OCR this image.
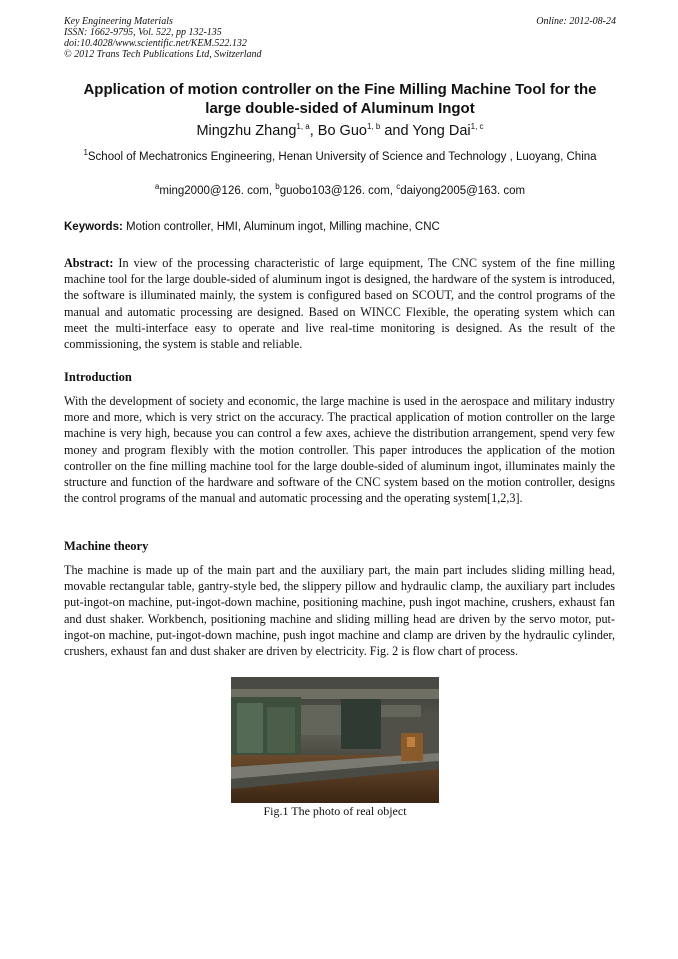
Key Engineering Materials
ISSN: 1662-9795, Vol. 522, pp 132-135
doi:10.4028/www.scientific.net/KEM.522.132
© 2012 Trans Tech Publications Ltd, Switzerland
Online: 2012-08-24
Application of motion controller on the Fine Milling Machine Tool for the
large double-sided of Aluminum Ingot
Mingzhu Zhang$^{1, a}$, Bo Guo$^{1, b}$ and Yong Dai$^{1, c}$
$^1$School of Mechatronics Engineering, Henan University of Science and Technology , Luoyang, China
$^a$ming2000@126. com, $^b$guobo103@126. com, $^c$daiyong2005@163. com
Keywords: Motion controller, HMI, Aluminum ingot, Milling machine, CNC
Abstract: In view of the processing characteristic of large equipment, The CNC system of the fine milling machine tool for the large double-sided of aluminum ingot is designed, the hardware of the system is introduced, the software is illuminated mainly, the system is configured based on SCOUT, and the control programs of the manual and automatic processing are designed. Based on WINCC Flexible, the operating system which can meet the multi-interface easy to operate and live real-time monitoring is designed. As the result of the commissioning, the system is stable and reliable.
Introduction
With the development of society and economic, the large machine is used in the aerospace and military industry more and more, which is very strict on the accuracy. The practical application of motion controller on the large machine is very high, because you can control a few axes, achieve the distribution arrangement, spend very few money and program flexibly with the motion controller. This paper introduces the application of the motion controller on the fine milling machine tool for the large double-sided of aluminum ingot, illuminates mainly the structure and function of the hardware and software of the CNC system based on the motion controller, designs the control programs of the manual and automatic processing and the operating system[1,2,3].
Machine theory
The machine is made up of the main part and the auxiliary part, the main part includes sliding milling head, movable rectangular table, gantry-style bed, the slippery pillow and hydraulic clamp, the auxiliary part includes put-ingot-on machine, put-ingot-down machine, positioning machine, push ingot machine, crushers, exhaust fan and dust shaker. Workbench, positioning machine and sliding milling head are driven by the servo motor, put-ingot-on machine, put-ingot-down machine, push ingot machine and clamp are driven by the hydraulic cylinder, crushers, exhaust fan and dust shaker are driven by electricity. Fig. 2 is flow chart of process.
Fig.1 The photo of real object
